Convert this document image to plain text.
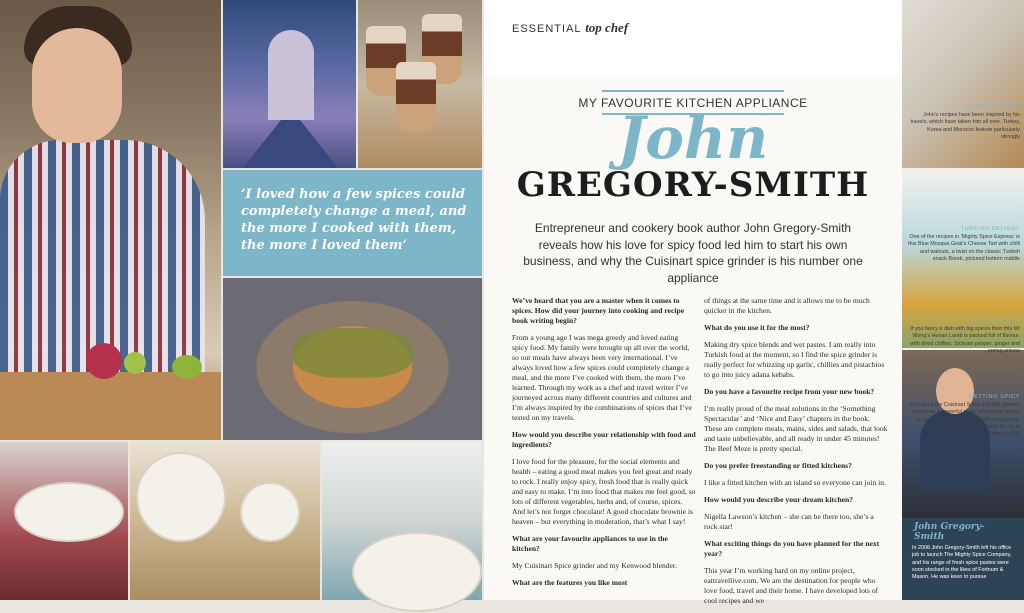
‘I loved how a few spices could completely change a meal, and the more I cooked with them, the more I loved them’

ESSENTIAL top chef
MY FAVOURITE KITCHEN APPLIANCE
John
GREGORY-SMITH

Entrepreneur and cookery book author John Gregory-Smith reveals how his love for spicy food led him to start his own business, and why the Cuisinart spice grinder is his number one appliance

We’ve heard that you are a master when it comes to spices. How did your journey into cooking and recipe book writing begin?

From a young age I was mega greedy and loved eating spicy food. My family were brought up all over the world, so our meals have always been very international. I’ve always loved how a few spices could completely change a meal, and the more I’ve cooked with them, the more I’ve learned. Through my work as a chef and travel writer I’ve journeyed across many different countries and cultures and I’m always inspired by the combinations of spices that I’ve tested on my travels.

How would you describe your relationship with food and ingredients?

I love food for the pleasure, for the social elements and health – eating a good meal makes you feel great and ready to rock. I really enjoy spicy, fresh food that is really quick and easy to make. I’m into food that makes me feel good, so lots of different vegetables, herbs and, of course, spices. And let’s not forget chocolate! A good chocolate brownie is heaven – but everything in moderation, that’s what I say!

What are your favourite appliances to use in the kitchen?

My Cuisinart Spice grinder and my Kenwood blender.

What are the features you like most

of things at the same time and it allows me to be much quicker in the kitchen.

What do you use it for the most?

Making dry spice blends and wet pastes. I am really into Turkish food at the moment, so I find the spice grinder is really perfect for whizzing up garlic, chillies and pistachios to go into juicy adana kebabs.

Do you have a favourite recipe from your new book?

I’m really proud of the meal solutions in the ‘Something Spectacular’ and ‘Nice and Easy’ chapters in the book. These are complete meals, mains, sides and salads, that look and taste unbelievable, and all ready in under 45 minutes! The Beef Meze is pretty special.

Do you prefer freestanding or fitted kitchens?

I like a fitted kitchen with an island so everyone can join in.

How would you describe your dream kitchen?

Nigella Lawson’s kitchen – she can be there too, she’s a rock star!

What exciting things do you have planned for the next year?

This year I’m working hard on my online project, eattravellive.com. We are the destination for people who love food, travel and their home. I have developed lots of cool recipes and we

GLOBETROTTER
John’s recipes have been inspired by his travels, which have taken him all over. Turkey, Korea and Morocco feature particularly strongly
TURKISH DELIGHT
One of the recipes in ‘Mighty Spice Express’ is this Blue Mosque Goat’s Cheese Tart with chilli and walnuts, a twist on the classic Turkish snack Borek, pictured bottom middle
HOT, HOT, HOT
If you fancy a dish with big spices then this Mr Wong’s Hunan Lamb is packed full of flavour, with dried chillies, Sichuan pepper, ginger and spring onions
GETTING SPICY
John uses the Cuisinart Spice and Nut grinder, which has a powerful motor and sharp blades to grind even the toughest nuts and spices. You just need to simply press the lid to activate. Priced at £58
John Gregory-Smith

In 2006 John Gregory-Smith left his office job to launch The Mighty Spice Company, and his range of fresh spice pastes were soon stocked in the likes of Fortnum & Mason. He was keen to pursue
